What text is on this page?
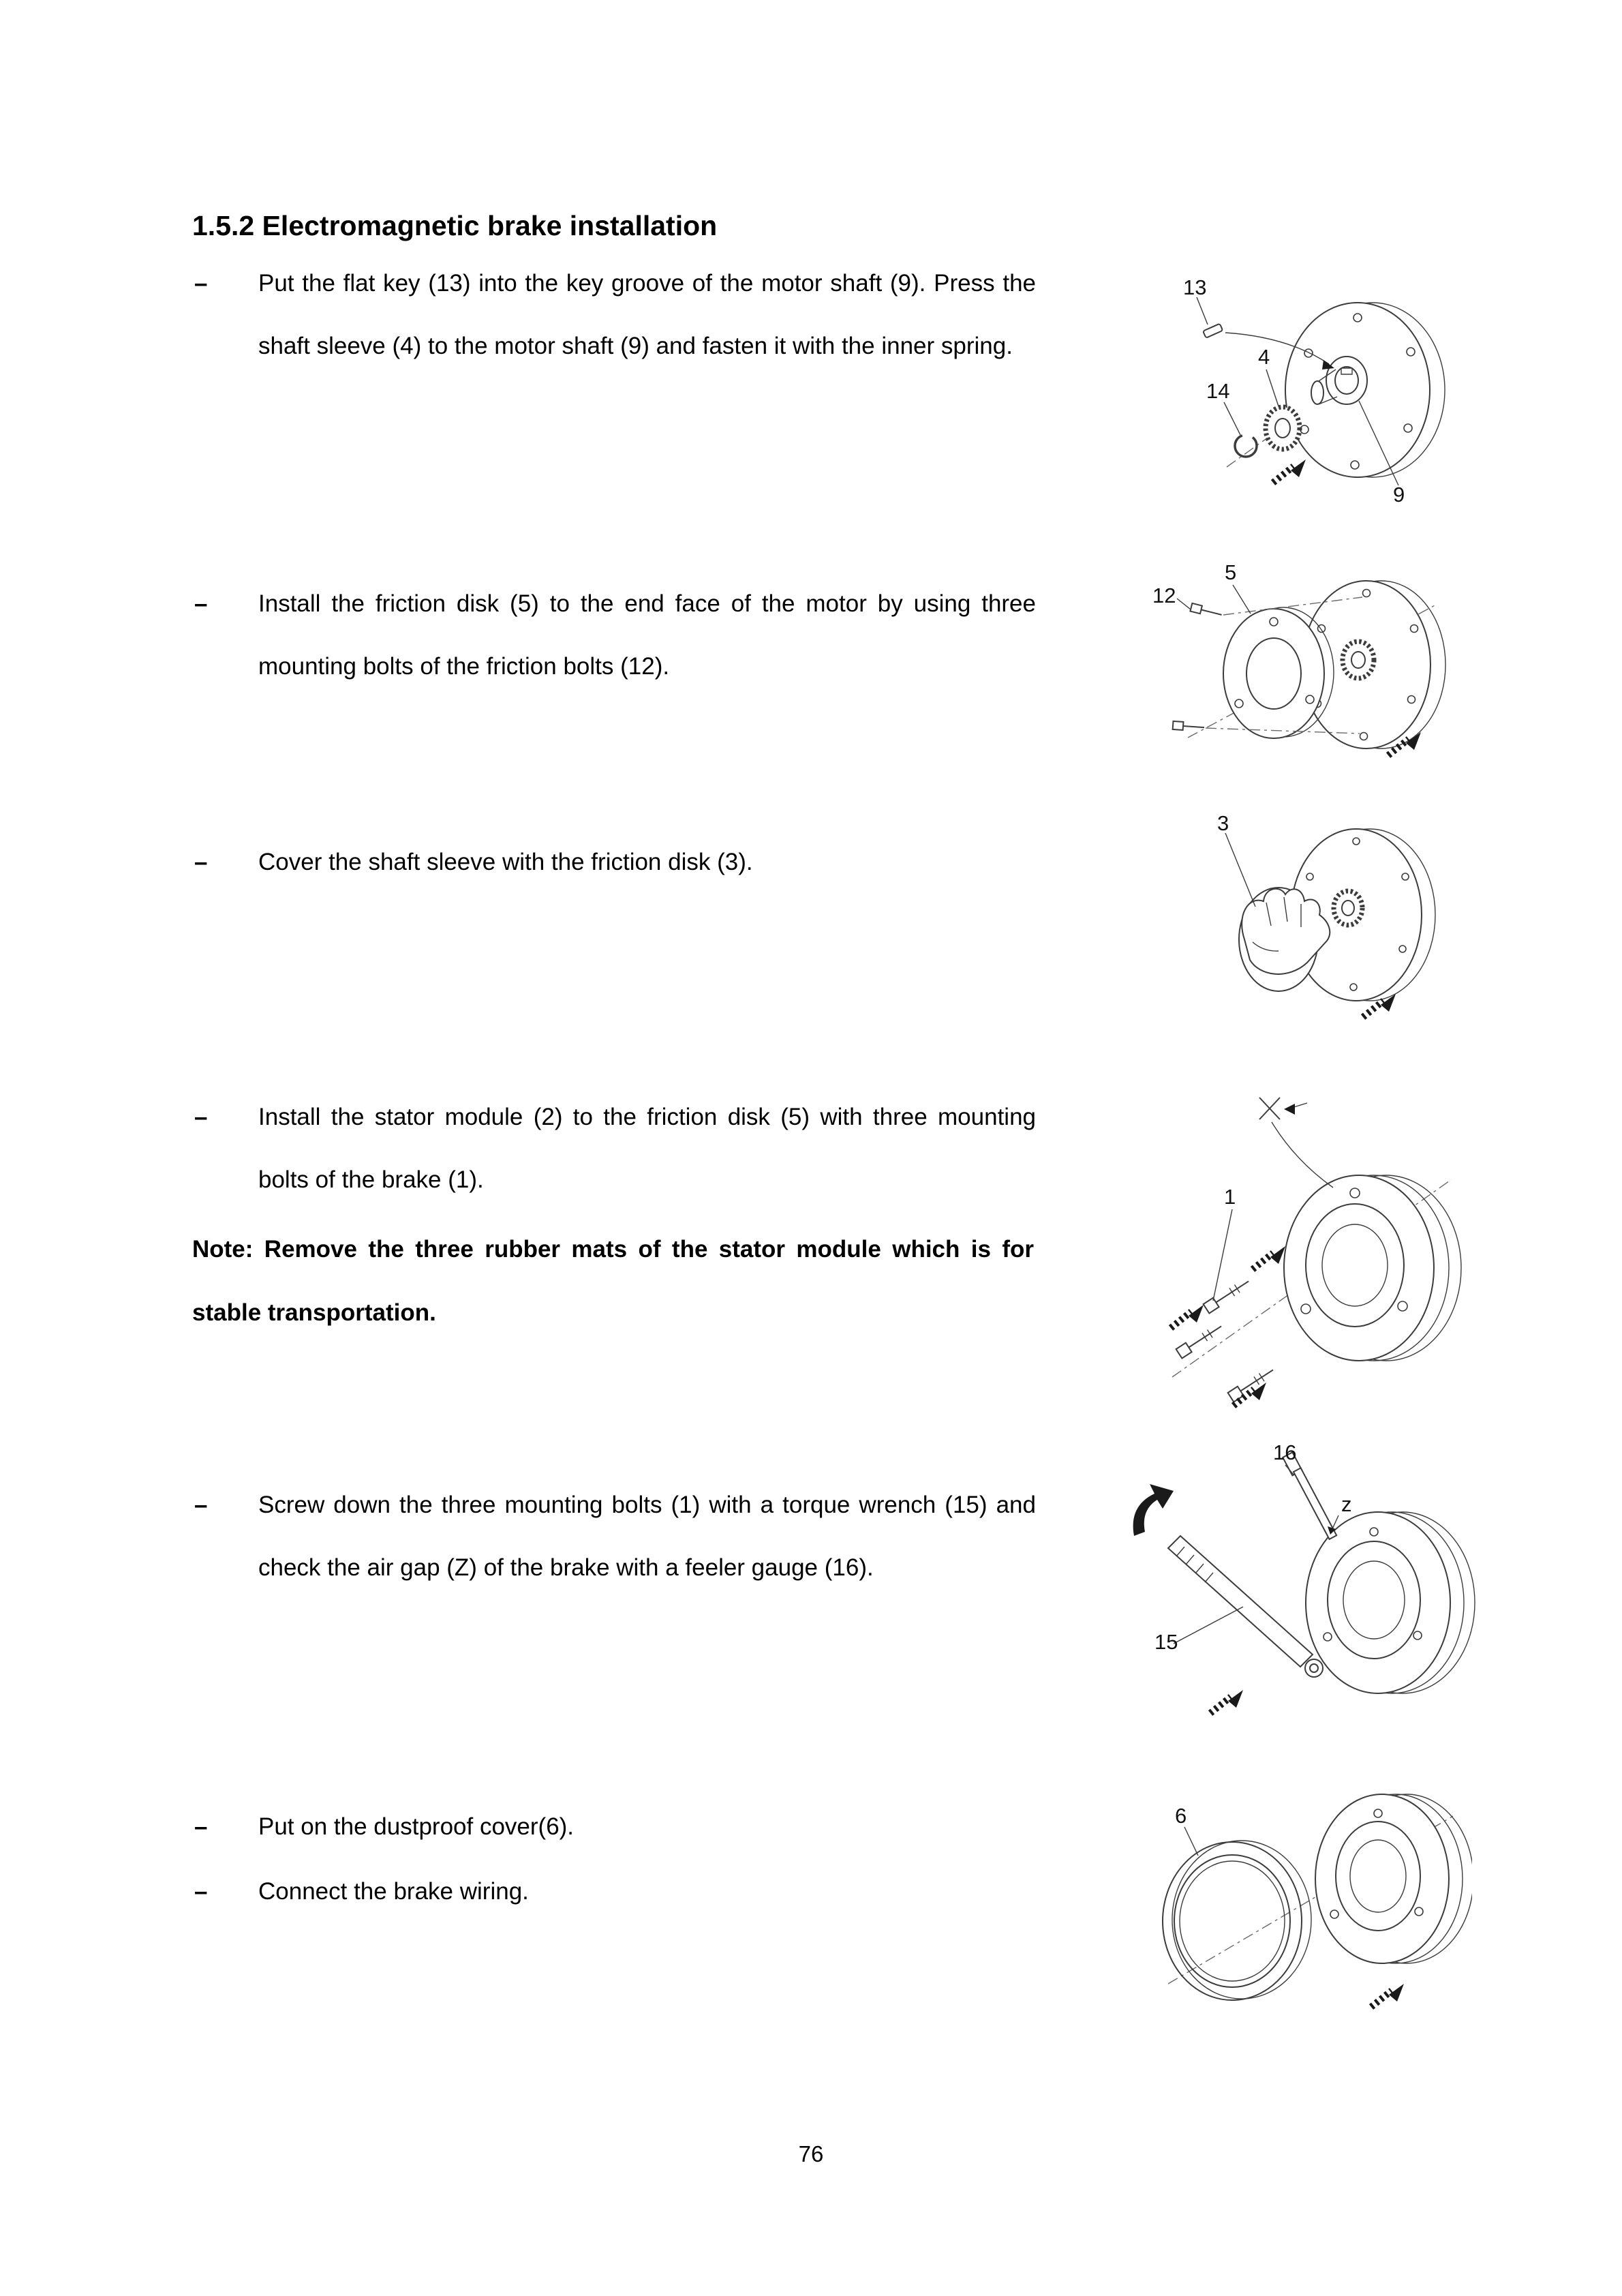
1.5.2 Electromagnetic brake installation
–	Put the flat key (13) into the key groove of the motor shaft (9). Press the shaft sleeve (4) to the motor shaft (9) and fasten it with the inner spring.

–	Install the friction disk (5) to the end face of the motor by using three mounting bolts of the friction bolts (12).

–	Cover the shaft sleeve with the friction disk (3).

–	Install the stator module (2) to the friction disk (5) with three mounting bolts of the brake (1).

Note: Remove the three rubber mats of the stator module which is for stable transportation.

–	Screw down the three mounting bolts (1) with a torque wrench (15) and check the air gap (Z) of the brake with a feeler gauge (16).

–	Put on the dustproof cover(6).

–	Connect the brake wiring.

13
4
14
9
5
12
3
1
16
z
15
6
76
